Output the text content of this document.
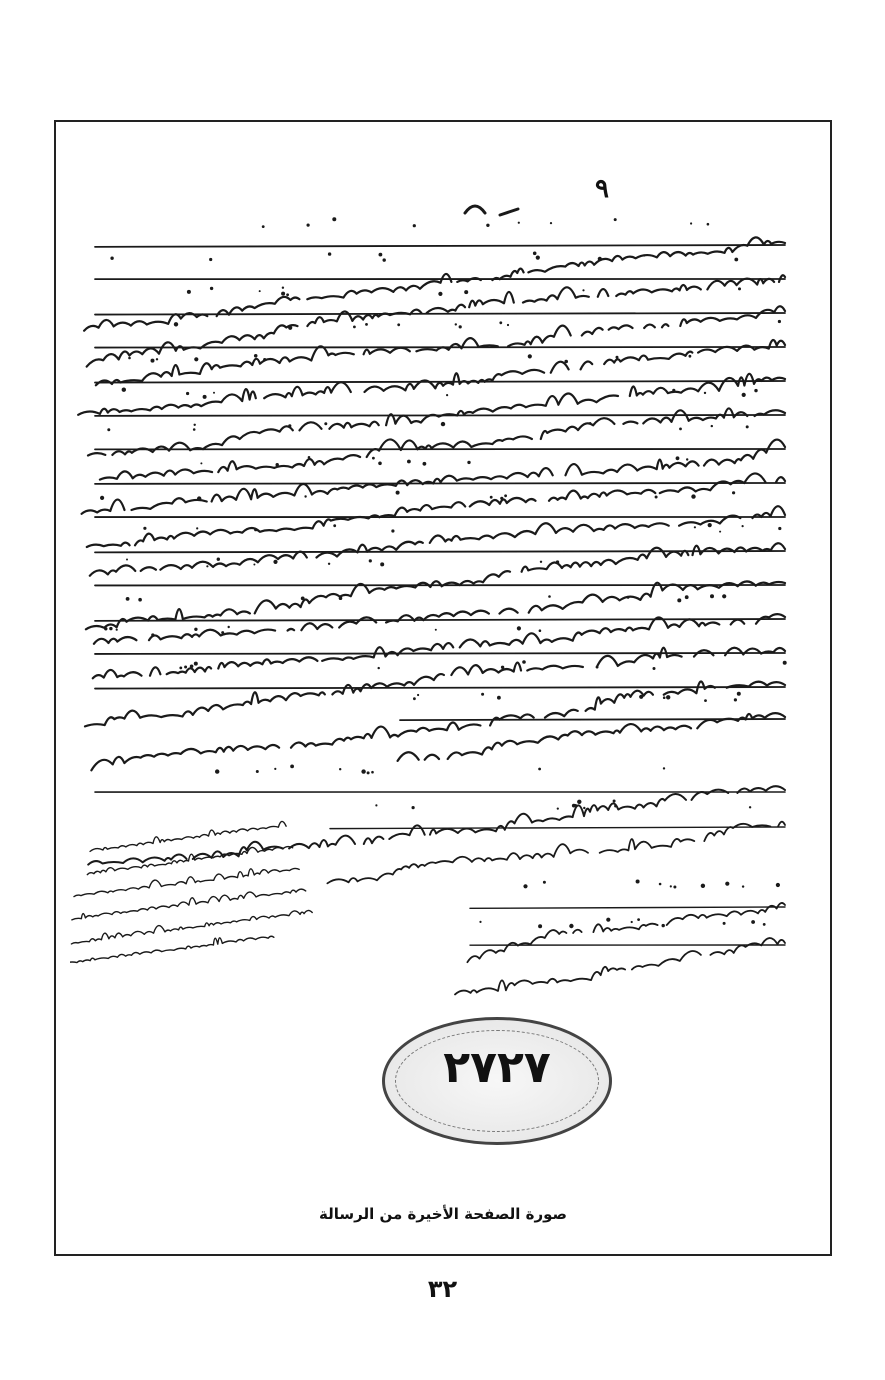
٩
٢٧٢٧
صورة الصفحة الأخيرة من الرسالة
٣٢
